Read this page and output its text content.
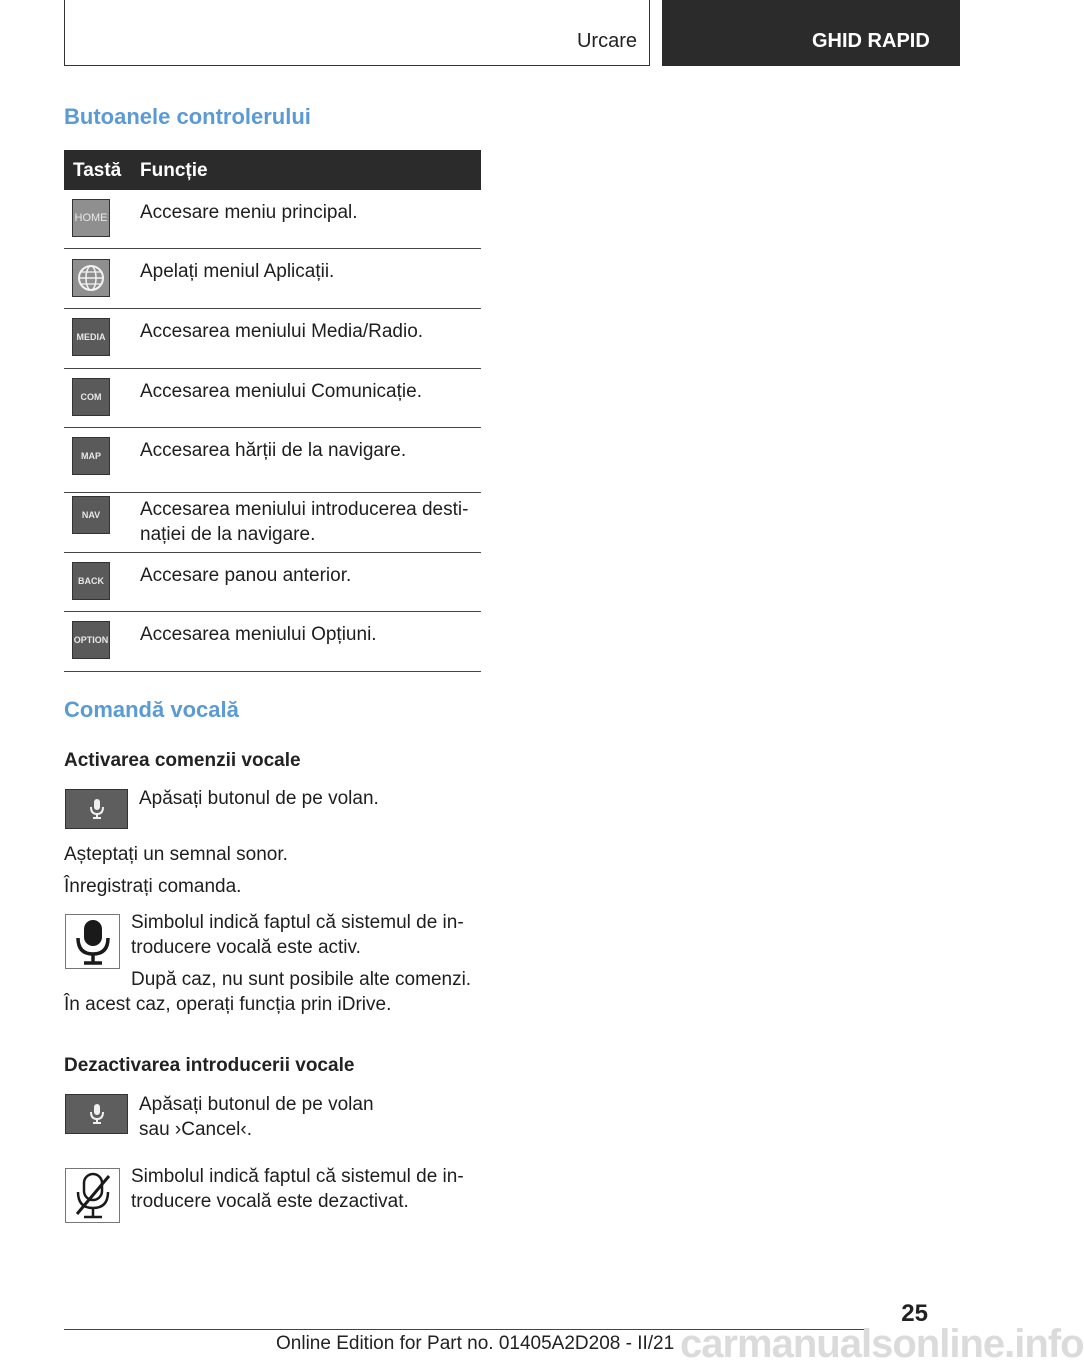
Urcare	GHID RAPID
Butoanele controlerului
Tastă Funcție
HOME Accesare meniu principal.
Apelați meniul Aplicații.
MEDIA Accesarea meniului Media/Radio.
COM	Accesarea meniului Comunicație.
MAP	Accesarea hărții de la navigare.
NAV	Accesarea meniului introducerea desti-nației de la navigare.
BACK	Accesare panou anterior.
OPTION Accesarea meniului Opțiuni.
Comandă vocală
Activarea comenzii vocale
Apăsați butonul de pe volan.
Așteptați un semnal sonor.
Înregistrați comanda.
Simbolul indică faptul că sistemul de in-troducere vocală este activ.
După caz, nu sunt posibile alte comenzi. În acest caz, operați funcția prin iDrive.
Dezactivarea introducerii vocale
Apăsați butonul de pe volan sau ›Cancel‹.
Simbolul indică faptul că sistemul de in-troducere vocală este dezactivat.
25
Online Edition for Part no. 01405A2D208 - II/21 carmanualsonline.info
